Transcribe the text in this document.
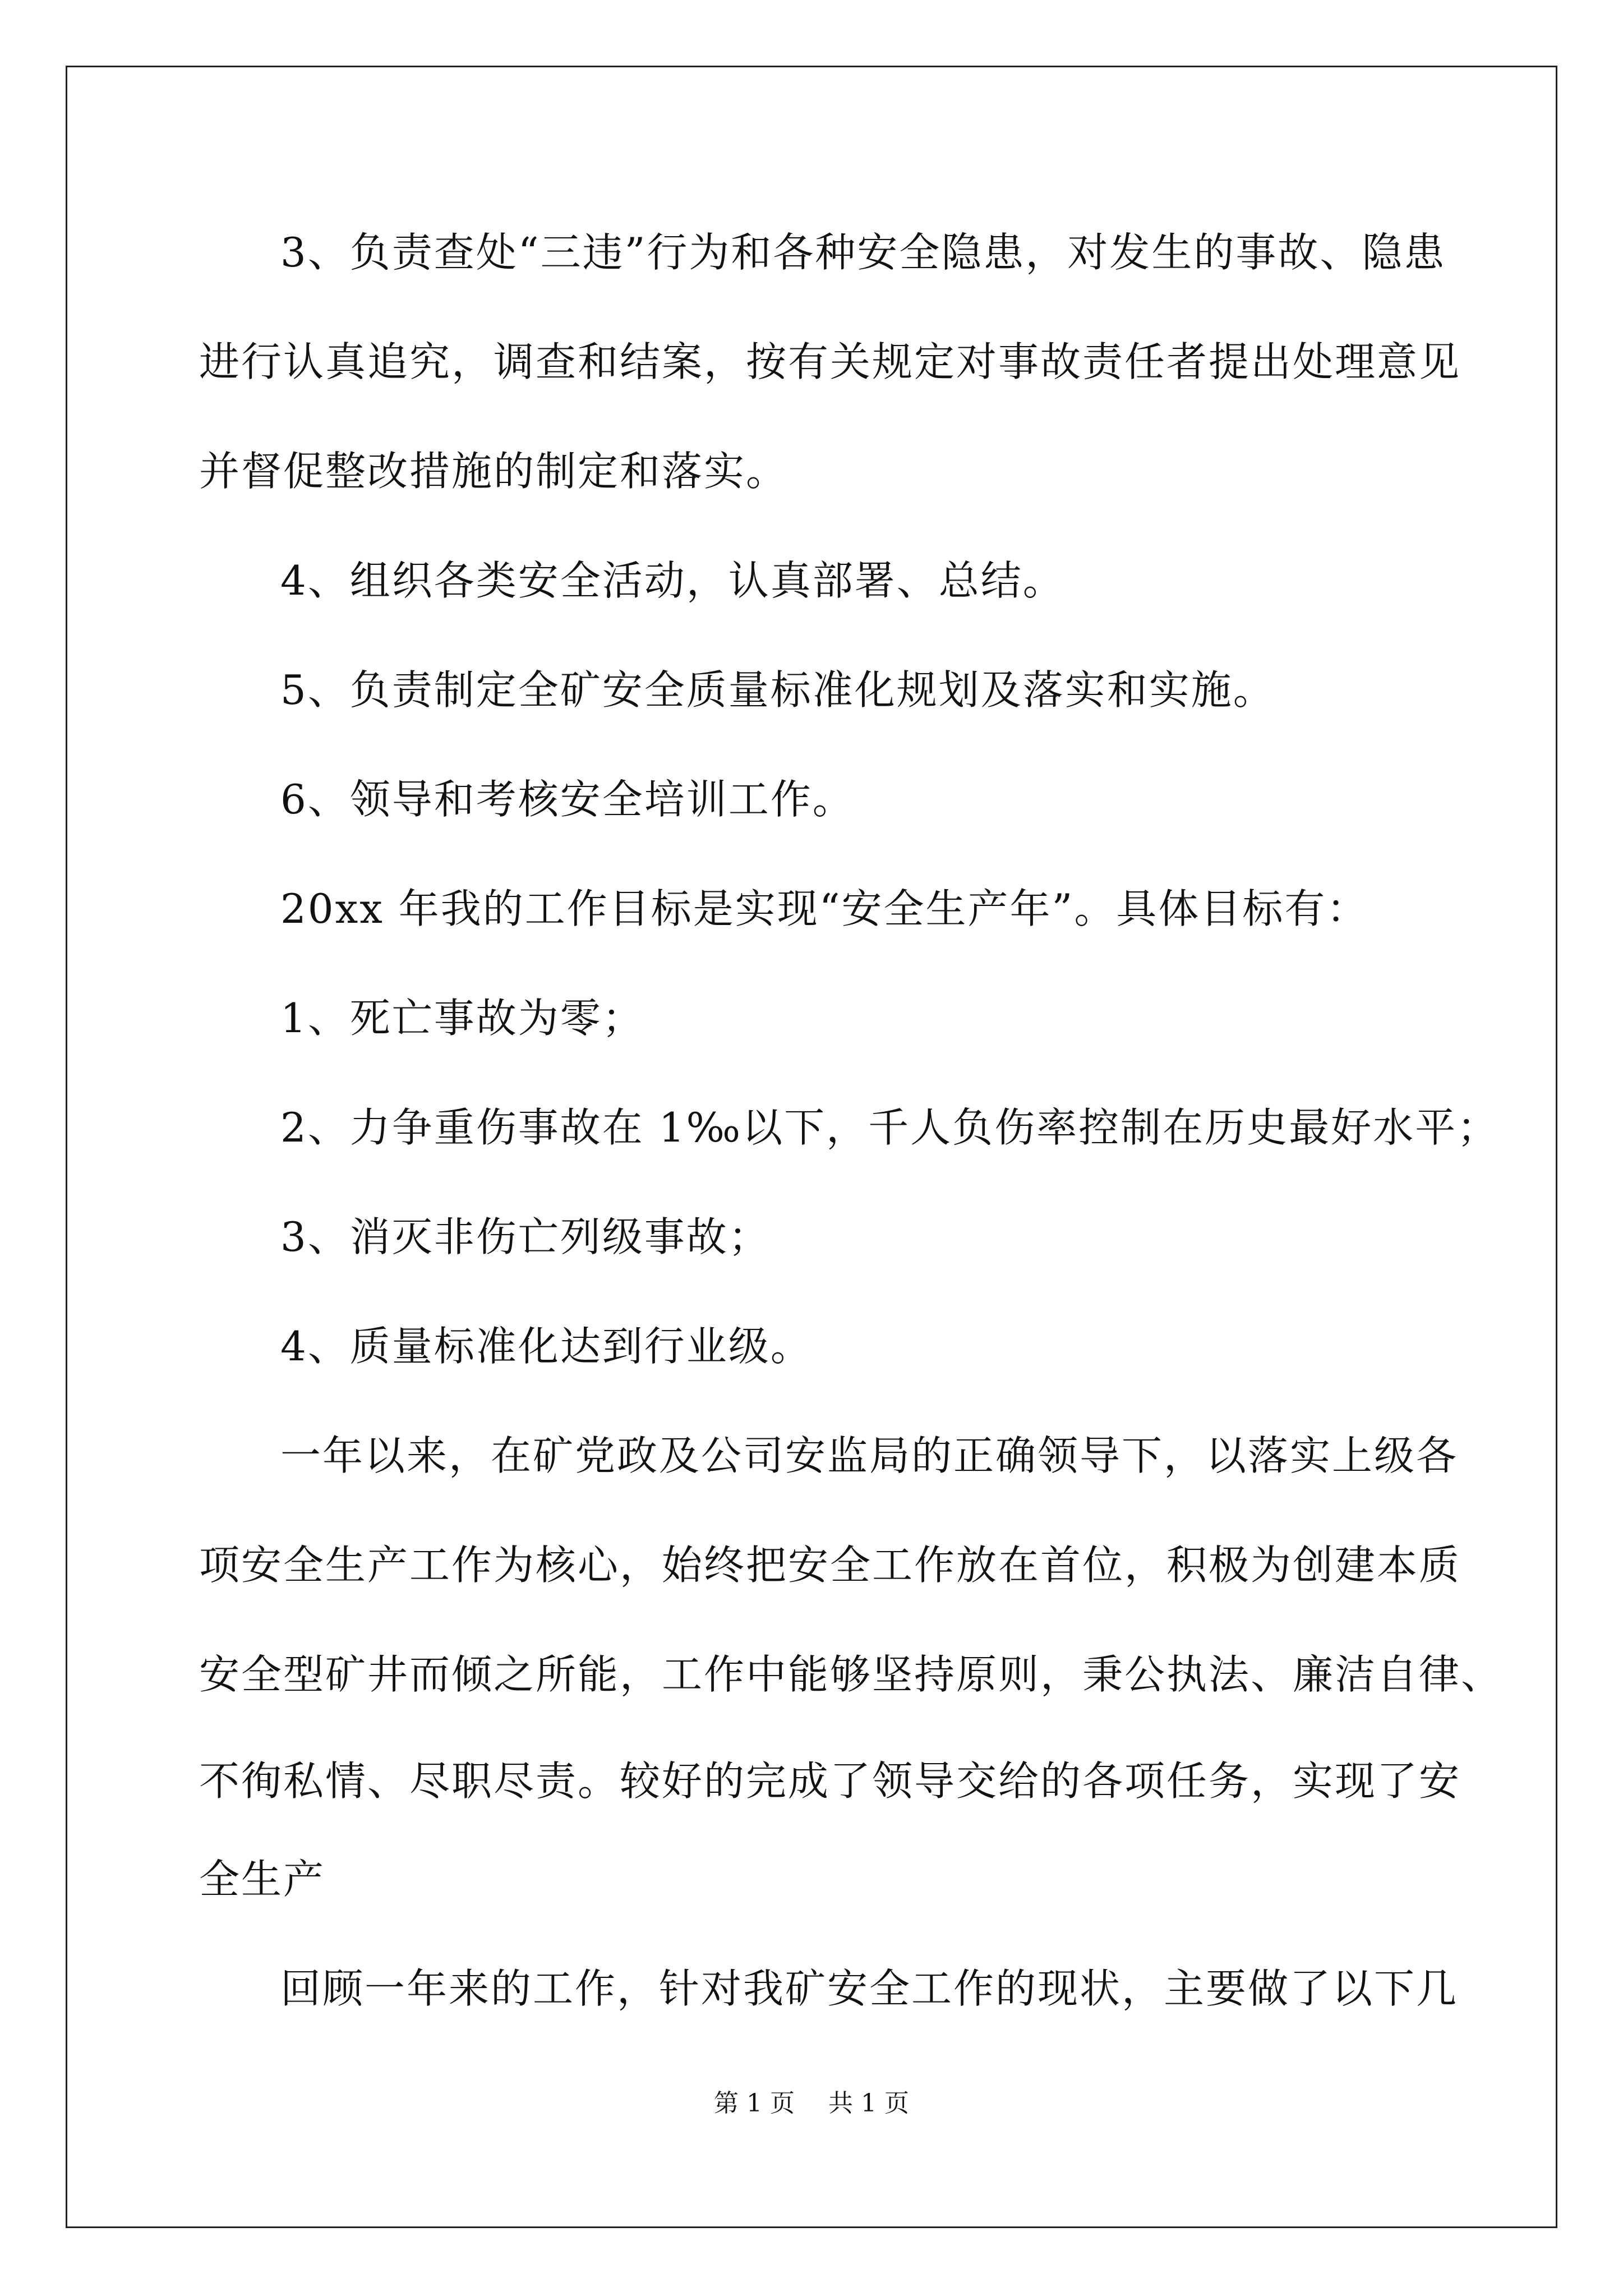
3、负责查处“三违”行为和各种安全隐患，对发生的事故、隐患
进行认真追究，调查和结案，按有关规定对事故责任者提出处理意见
并督促整改措施的制定和落实。
4、组织各类安全活动，认真部署、总结。
5、负责制定全矿安全质量标准化规划及落实和实施。
6、领导和考核安全培训工作。
20xx 年我的工作目标是实现“安全生产年”。具体目标有：
1、死亡事故为零；
2、力争重伤事故在 1‰以下，千人负伤率控制在历史最好水平；
3、消灭非伤亡列级事故；
4、质量标准化达到行业级。
一年以来，在矿党政及公司安监局的正确领导下，以落实上级各
项安全生产工作为核心，始终把安全工作放在首位，积极为创建本质
安全型矿井而倾之所能，工作中能够坚持原则，秉公执法、廉洁自律、
不徇私情、尽职尽责。较好的完成了领导交给的各项任务，实现了安
全生产
回顾一年来的工作，针对我矿安全工作的现状，主要做了以下几
第 1 页 共 1 页
